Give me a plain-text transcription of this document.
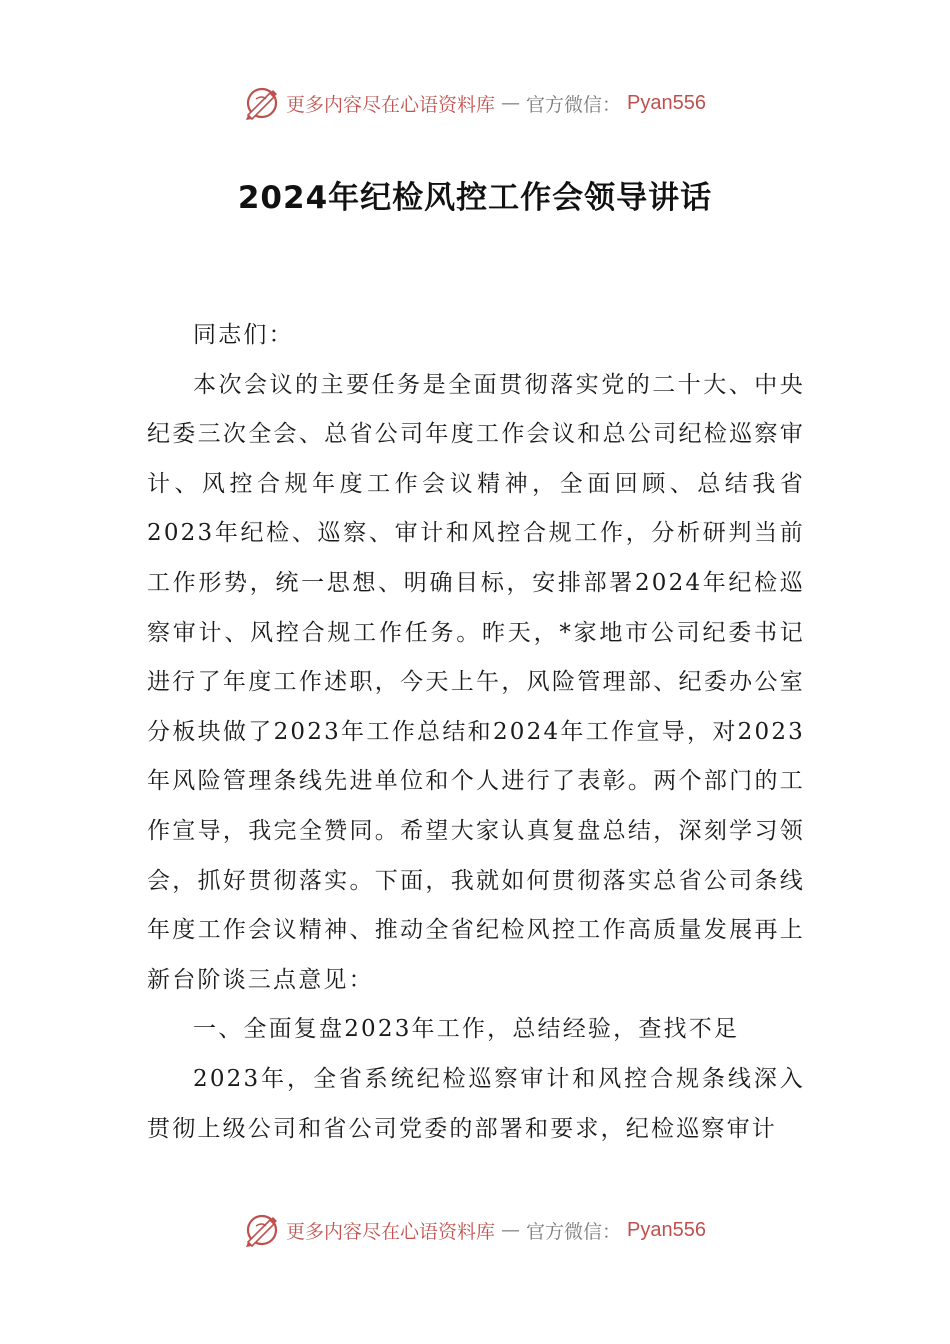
更多内容尽在心语资料库 — 官方微信： Pyan556
2024年纪检风控工作会领导讲话

同志们：

本次会议的主要任务是全面贯彻落实党的二十大、中央纪委三次全会、总省公司年度工作会议和总公司纪检巡察审计、风控合规年度工作会议精神，全面回顾、总结我省2023年纪检、巡察、审计和风控合规工作，分析研判当前工作形势，统一思想、明确目标，安排部署2024年纪检巡察审计、风控合规工作任务。昨天，*家地市公司纪委书记进行了年度工作述职，今天上午，风险管理部、纪委办公室分板块做了2023年工作总结和2024年工作宣导，对2023年风险管理条线先进单位和个人进行了表彰。两个部门的工作宣导，我完全赞同。希望大家认真复盘总结，深刻学习领会，抓好贯彻落实。下面，我就如何贯彻落实总省公司条线年度工作会议精神、推动全省纪检风控工作高质量发展再上新台阶谈三点意见：

一、全面复盘2023年工作，总结经验，查找不足

2023年，全省系统纪检巡察审计和风控合规条线深入贯彻上级公司和省公司党委的部署和要求，纪检巡察审计

更多内容尽在心语资料库 — 官方微信： Pyan556
